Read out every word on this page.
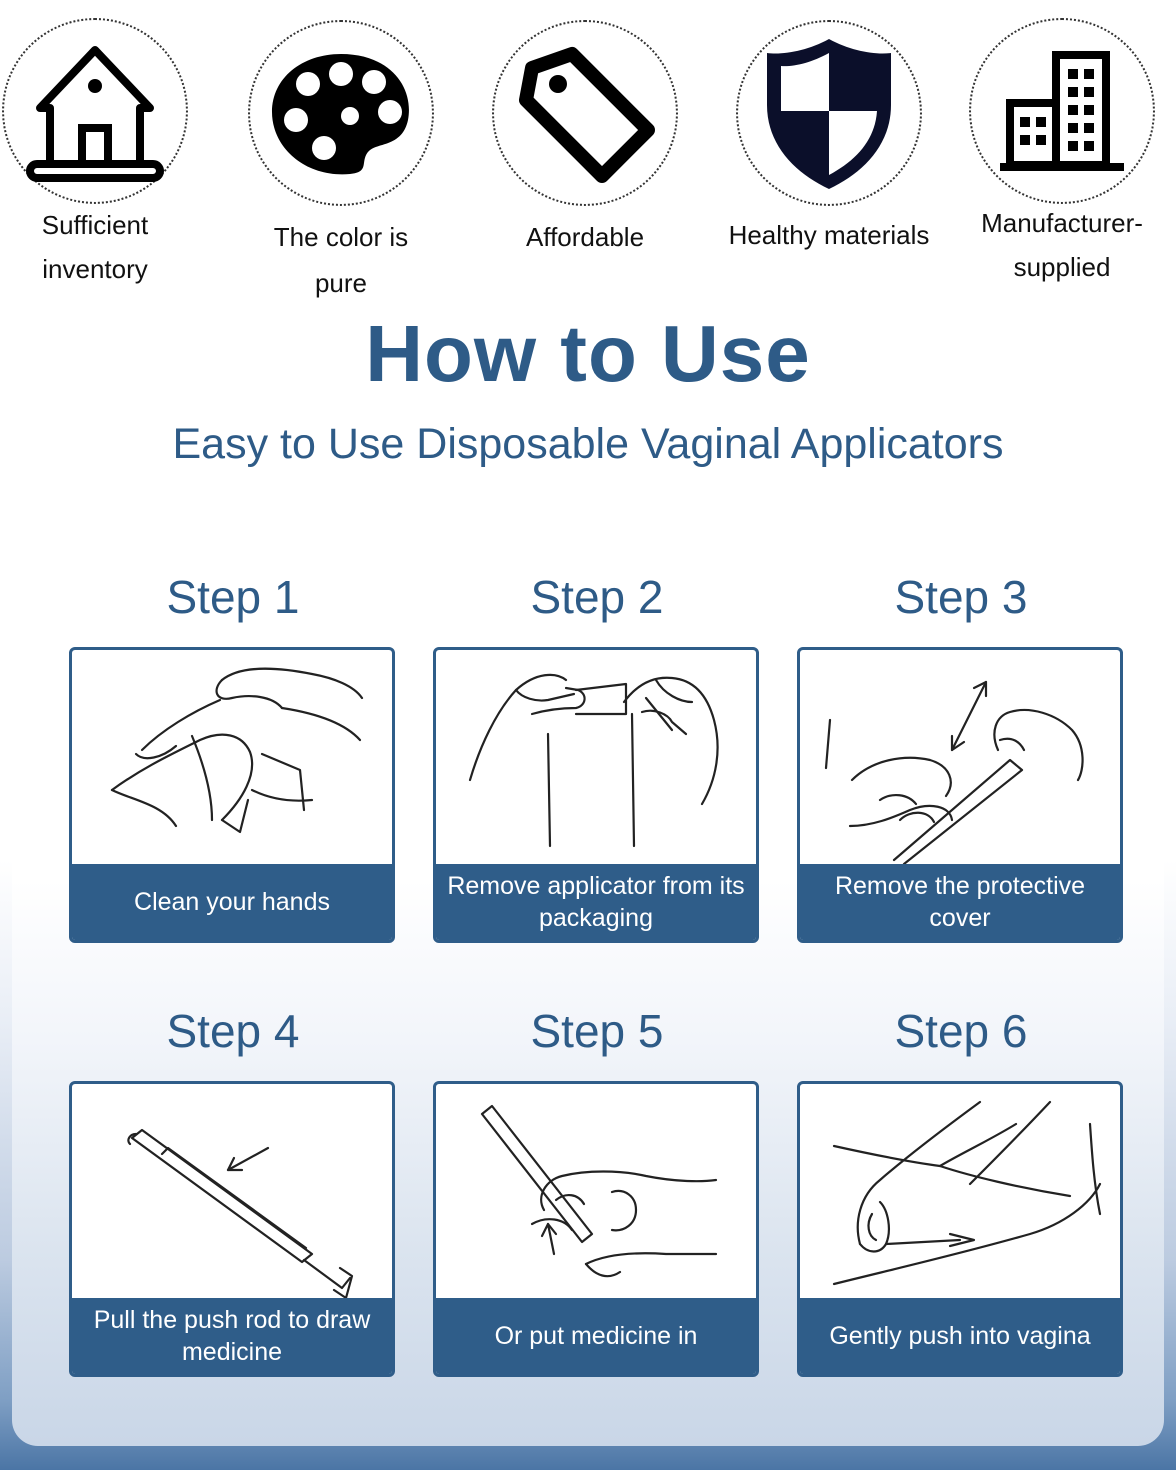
Sufficient
inventory
The color is pure
Affordable	Healthy materials	Manufacturer-
supplied
How to Use
Easy to Use Disposable Vaginal Applicators
Step 1	Step 2	Step 3
Clean your hands
Remove applicator from its packaging
Remove the protective cover
Step 4	Step 5	Step 6
Pull the push rod to draw medicine
Or put medicine in	Gently push into vagina
